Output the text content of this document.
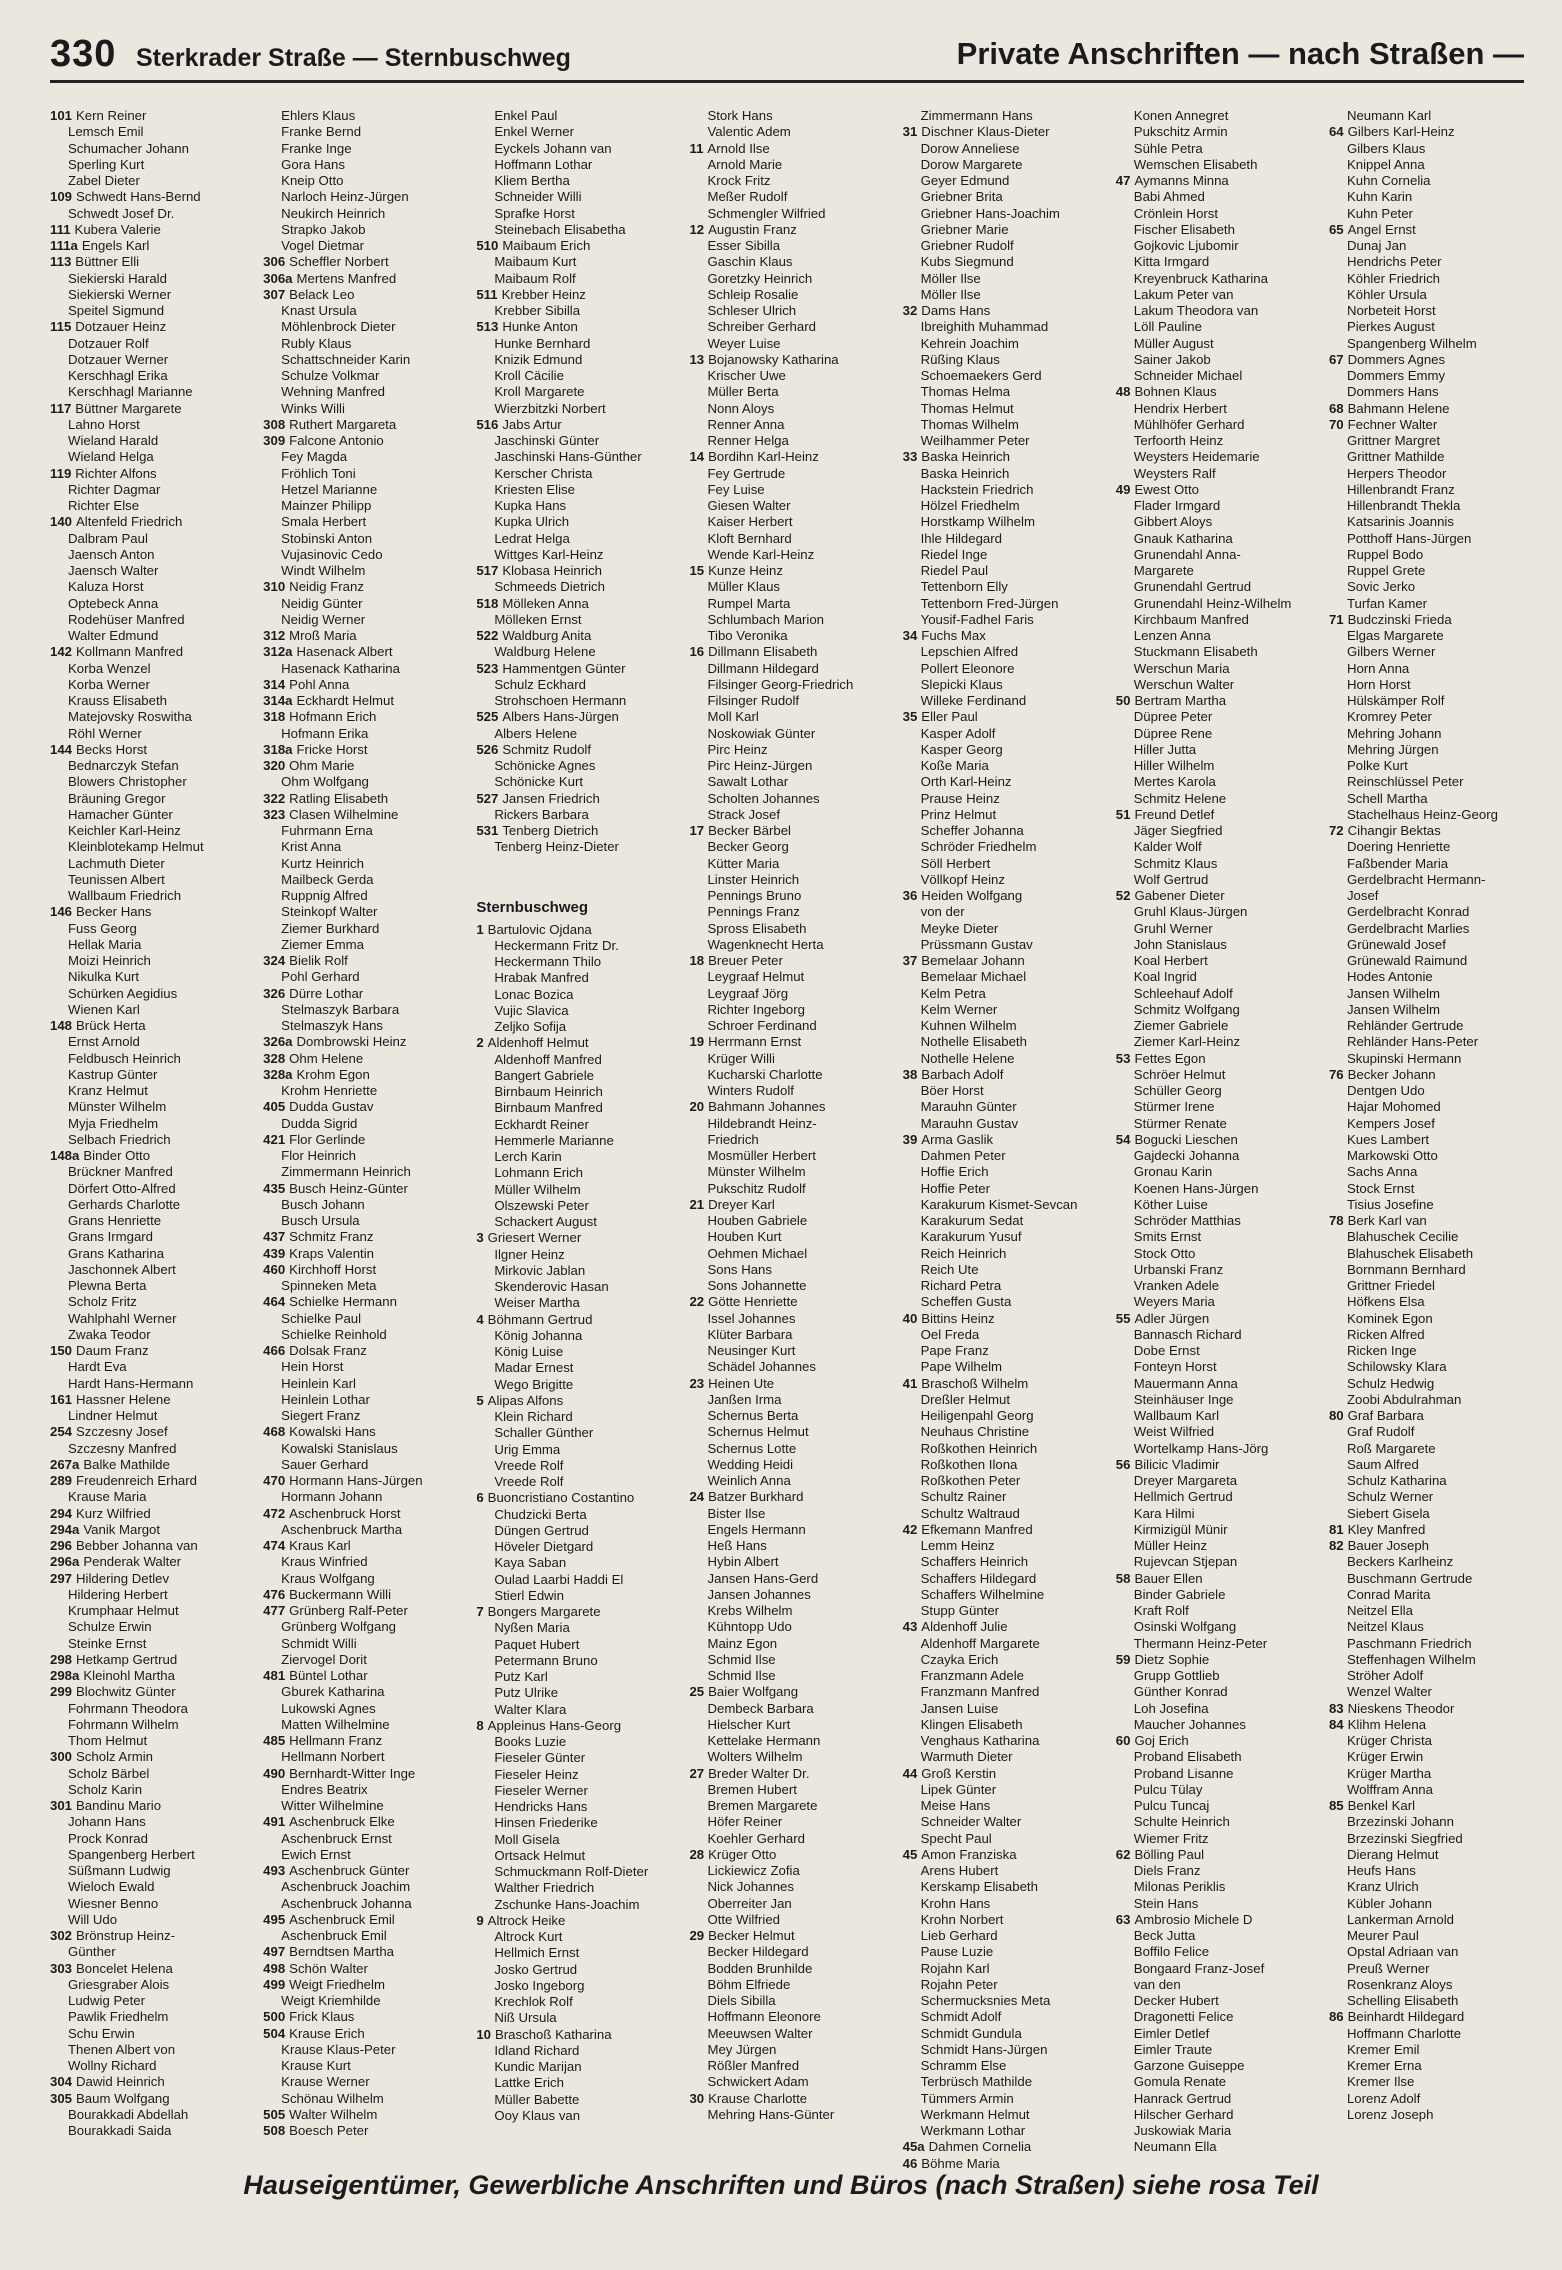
330 Sterkrader Straße — Sternbuschweg	Private Anschriften — nach Straßen —
101 Kern Reiner
Lemsch Emil
Schumacher Johann
Sperling Kurt
Zabel Dieter
109 Schwedt Hans-Bernd
Schwedt Josef Dr.
111 Kubera Valerie
111a Engels Karl
113 Büttner Elli
Siekierski Harald
Siekierski Werner
Speitel Sigmund
115 Dotzauer Heinz
Dotzauer Rolf
Dotzauer Werner
Kerschhagl Erika
Kerschhagl Marianne
117 Büttner Margarete
Lahno Horst
Wieland Harald
Wieland Helga
119 Richter Alfons
Richter Dagmar
Richter Else
140 Altenfeld Friedrich
Dalbram Paul
Jaensch Anton
Jaensch Walter
Kaluza Horst
Optebeck Anna
Rodehüser Manfred
Walter Edmund
142 Kollmann Manfred
Korba Wenzel
Korba Werner
Krauss Elisabeth
Matejovsky Roswitha
Röhl Werner
144 Becks Horst
Bednarczyk Stefan
Blowers Christopher
Bräuning Gregor
Hamacher Günter
Keichler Karl-Heinz
Kleinblotekamp Helmut
Lachmuth Dieter
Teunissen Albert
Wallbaum Friedrich
146 Becker Hans
Fuss Georg
Hellak Maria
Moizi Heinrich
Nikulka Kurt
Schürken Aegidius
Wienen Karl
148 Brück Herta
Ernst Arnold
Feldbusch Heinrich
Kastrup Günter
Kranz Helmut
Münster Wilhelm
Myja Friedhelm
Selbach Friedrich
148a Binder Otto
Brückner Manfred
Dörfert Otto-Alfred
Gerhards Charlotte
Grans Henriette
Grans Irmgard
Grans Katharina
Jaschonnek Albert
Plewna Berta
Scholz Fritz
Wahlphahl Werner
Zwaka Teodor
150 Daum Franz
Hardt Eva
Hardt Hans-Hermann
161 Hassner Helene
Lindner Helmut
254 Szczesny Josef
Szczesny Manfred
267a Balke Mathilde
289 Freudenreich Erhard
Krause Maria
294 Kurz Wilfried
294a Vanik Margot
296 Bebber Johanna van
296a Penderak Walter
297 Hildering Detlev
Hildering Herbert
Krumphaar Helmut
Schulze Erwin
Steinke Ernst
298 Hetkamp Gertrud
298a Kleinohl Martha
299 Blochwitz Günter
Fohrmann Theodora
Fohrmann Wilhelm
Thom Helmut
300 Scholz Armin
Scholz Bärbel
Scholz Karin
301 Bandinu Mario
Johann Hans
Prock Konrad
Spangenberg Herbert
Süßmann Ludwig
Wieloch Ewald
Wiesner Benno
Will Udo
302 Brönstrup Heinz-
Günther
303 Boncelet Helena
Griesgraber Alois
Ludwig Peter
Pawlik Friedhelm
Schu Erwin
Thenen Albert von
Wollny Richard
304 Dawid Heinrich
305 Baum Wolfgang
Bourakkadi Abdellah
Bourakkadi Saida
Ehlers Klaus
Franke Bernd
Franke Inge
Gora Hans
Kneip Otto
Narloch Heinz-Jürgen
Neukirch Heinrich
Strapko Jakob
Vogel Dietmar
306 Scheffler Norbert
306a Mertens Manfred
307 Belack Leo
Knast Ursula
Möhlenbrock Dieter
Rubly Klaus
Schattschneider Karin
Schulze Volkmar
Wehning Manfred
Winks Willi
308 Ruthert Margareta
309 Falcone Antonio
Fey Magda
Fröhlich Toni
Hetzel Marianne
Mainzer Philipp
Smala Herbert
Stobinski Anton
Vujasinovic Cedo
Windt Wilhelm
310 Neidig Franz
Neidig Günter
Neidig Werner
312 Mroß Maria
312a Hasenack Albert
Hasenack Katharina
314 Pohl Anna
314a Eckhardt Helmut
318 Hofmann Erich
Hofmann Erika
318a Fricke Horst
320 Ohm Marie
Ohm Wolfgang
322 Ratling Elisabeth
323 Clasen Wilhelmine
Fuhrmann Erna
Krist Anna
Kurtz Heinrich
Mailbeck Gerda
Ruppnig Alfred
Steinkopf Walter
Ziemer Burkhard
Ziemer Emma
324 Bielik Rolf
Pohl Gerhard
326 Dürre Lothar
Stelmaszyk Barbara
Stelmaszyk Hans
326a Dombrowski Heinz
328 Ohm Helene
328a Krohm Egon
Krohm Henriette
405 Dudda Gustav
Dudda Sigrid
421 Flor Gerlinde
Flor Heinrich
Zimmermann Heinrich
435 Busch Heinz-Günter
Busch Johann
Busch Ursula
437 Schmitz Franz
439 Kraps Valentin
460 Kirchhoff Horst
Spinneken Meta
464 Schielke Hermann
Schielke Paul
Schielke Reinhold
466 Dolsak Franz
Hein Horst
Heinlein Karl
Heinlein Lothar
Siegert Franz
468 Kowalski Hans
Kowalski Stanislaus
Sauer Gerhard
470 Hormann Hans-Jürgen
Hormann Johann
472 Aschenbruck Horst
Aschenbruck Martha
474 Kraus Karl
Kraus Winfried
Kraus Wolfgang
476 Buckermann Willi
477 Grünberg Ralf-Peter
Grünberg Wolfgang
Schmidt Willi
Ziervogel Dorit
481 Büntel Lothar
Gburek Katharina
Lukowski Agnes
Matten Wilhelmine
485 Hellmann Franz
Hellmann Norbert
490 Bernhardt-Witter Inge
Endres Beatrix
Witter Wilhelmine
491 Aschenbruck Elke
Aschenbruck Ernst
Ewich Ernst
493 Aschenbruck Günter
Aschenbruck Joachim
Aschenbruck Johanna
495 Aschenbruck Emil
Aschenbruck Emil
497 Berndtsen Martha
498 Schön Walter
499 Weigt Friedhelm
Weigt Kriemhilde
500 Frick Klaus
504 Krause Erich
Krause Klaus-Peter
Krause Kurt
Krause Werner
Schönau Wilhelm
505 Walter Wilhelm
508 Boesch Peter
Enkel Paul
Enkel Werner
Eyckels Johann van
Hoffmann Lothar
Kliem Bertha
Schneider Willi
Sprafke Horst
Steinebach Elisabetha
510 Maibaum Erich
Maibaum Kurt
Maibaum Rolf
511 Krebber Heinz
Krebber Sibilla
513 Hunke Anton
Hunke Bernhard
Knizik Edmund
Kroll Cäcilie
Kroll Margarete
Wierzbitzki Norbert
516 Jabs Artur
Jaschinski Günter
Jaschinski Hans-Günther
Kerscher Christa
Kriesten Elise
Kupka Hans
Kupka Ulrich
Ledrat Helga
Wittges Karl-Heinz
517 Klobasa Heinrich
Schmeeds Dietrich
518 Mölleken Anna
Mölleken Ernst
522 Waldburg Anita
Waldburg Helene
523 Hammentgen Günter
Schulz Eckhard
Strohschoen Hermann
525 Albers Hans-Jürgen
Albers Helene
526 Schmitz Rudolf
Schönicke Agnes
Schönicke Kurt
527 Jansen Friedrich
Rickers Barbara
531 Tenberg Dietrich
Tenberg Heinz-Dieter
Sternbuschweg
1 Bartulovic Ojdana
Heckermann Fritz Dr.
Heckermann Thilo
Hrabak Manfred
Lonac Bozica
Vujic Slavica
Zeljko Sofija
2 Aldenhoff Helmut
Aldenhoff Manfred
Bangert Gabriele
Birnbaum Heinrich
Birnbaum Manfred
Eckhardt Reiner
Hemmerle Marianne
Lerch Karin
Lohmann Erich
Müller Wilhelm
Olszewski Peter
Schackert August
3 Griesert Werner
Ilgner Heinz
Mirkovic Jablan
Skenderovic Hasan
Weiser Martha
4 Böhmann Gertrud
König Johanna
König Luise
Madar Ernest
Wego Brigitte
5 Alipas Alfons
Klein Richard
Schaller Günther
Urig Emma
Vreede Rolf
Vreede Rolf
6 Buoncristiano Costantino
Chudzicki Berta
Düngen Gertrud
Höveler Dietgard
Kaya Saban
Oulad Laarbi Haddi El
Stierl Edwin
7 Bongers Margarete
Nyßen Maria
Paquet Hubert
Petermann Bruno
Putz Karl
Putz Ulrike
Walter Klara
8 Appleinus Hans-Georg
Books Luzie
Fieseler Günter
Fieseler Heinz
Fieseler Werner
Hendricks Hans
Hinsen Friederike
Moll Gisela
Ortsack Helmut
Schmuckmann Rolf-Dieter
Walther Friedrich
Zschunke Hans-Joachim
9 Altrock Heike
Altrock Kurt
Hellmich Ernst
Josko Gertrud
Josko Ingeborg
Krechlok Rolf
Niß Ursula
10 Braschoß Katharina
Idland Richard
Kundic Marijan
Lattke Erich
Müller Babette
Ooy Klaus van
Stork Hans
Valentic Adem
11 Arnold Ilse
Arnold Marie
Krock Fritz
Meßer Rudolf
Schmengler Wilfried
12 Augustin Franz
Esser Sibilla
Gaschin Klaus
Goretzky Heinrich
Schleip Rosalie
Schleser Ulrich
Schreiber Gerhard
Weyer Luise
13 Bojanowsky Katharina
Krischer Uwe
Müller Berta
Nonn Aloys
Renner Anna
Renner Helga
14 Bordihn Karl-Heinz
Fey Gertrude
Fey Luise
Giesen Walter
Kaiser Herbert
Kloft Bernhard
Wende Karl-Heinz
15 Kunze Heinz
Müller Klaus
Rumpel Marta
Schlumbach Marion
Tibo Veronika
16 Dillmann Elisabeth
Dillmann Hildegard
Filsinger Georg-Friedrich
Filsinger Rudolf
Moll Karl
Noskowiak Günter
Pirc Heinz
Pirc Heinz-Jürgen
Sawalt Lothar
Scholten Johannes
Strack Josef
17 Becker Bärbel
Becker Georg
Kütter Maria
Linster Heinrich
Pennings Bruno
Pennings Franz
Spross Elisabeth
Wagenknecht Herta
18 Breuer Peter
Leygraaf Helmut
Leygraaf Jörg
Richter Ingeborg
Schroer Ferdinand
19 Herrmann Ernst
Krüger Willi
Kucharski Charlotte
Winters Rudolf
20 Bahmann Johannes
Hildebrandt Heinz-
Friedrich
Mosmüller Herbert
Münster Wilhelm
Pukschitz Rudolf
21 Dreyer Karl
Houben Gabriele
Houben Kurt
Oehmen Michael
Sons Hans
Sons Johannette
22 Götte Henriette
Issel Johannes
Klüter Barbara
Neusinger Kurt
Schädel Johannes
23 Heinen Ute
Janßen Irma
Schernus Berta
Schernus Helmut
Schernus Lotte
Wedding Heidi
Weinlich Anna
24 Batzer Burkhard
Bister Ilse
Engels Hermann
Heß Hans
Hybin Albert
Jansen Hans-Gerd
Jansen Johannes
Krebs Wilhelm
Kühntopp Udo
Mainz Egon
Schmid Ilse
Schmid Ilse
25 Baier Wolfgang
Dembeck Barbara
Hielscher Kurt
Kettelake Hermann
Wolters Wilhelm
27 Breder Walter Dr.
Bremen Hubert
Bremen Margarete
Höfer Reiner
Koehler Gerhard
28 Krüger Otto
Lickiewicz Zofia
Nick Johannes
Oberreiter Jan
Otte Wilfried
29 Becker Helmut
Becker Hildegard
Bodden Brunhilde
Böhm Elfriede
Diels Sibilla
Hoffmann Eleonore
Meeuwsen Walter
Mey Jürgen
Rößler Manfred
Schwickert Adam
30 Krause Charlotte
Mehring Hans-Günter
Zimmermann Hans
31 Dischner Klaus-Dieter
Dorow Anneliese
Dorow Margarete
Geyer Edmund
Griebner Brita
Griebner Hans-Joachim
Griebner Marie
Griebner Rudolf
Kubs Siegmund
Möller Ilse
Möller Ilse
32 Dams Hans
Ibreighith Muhammad
Kehrein Joachim
Rüßing Klaus
Schoemaekers Gerd
Thomas Helma
Thomas Helmut
Thomas Wilhelm
Weilhammer Peter
33 Baska Heinrich
Baska Heinrich
Hackstein Friedrich
Hölzel Friedhelm
Horstkamp Wilhelm
Ihle Hildegard
Riedel Inge
Riedel Paul
Tettenborn Elly
Tettenborn Fred-Jürgen
Yousif-Fadhel Faris
34 Fuchs Max
Lepschien Alfred
Pollert Eleonore
Slepicki Klaus
Willeke Ferdinand
35 Eller Paul
Kasper Adolf
Kasper Georg
Koße Maria
Orth Karl-Heinz
Prause Heinz
Prinz Helmut
Scheffer Johanna
Schröder Friedhelm
Söll Herbert
Völlkopf Heinz
36 Heiden Wolfgang
von der
Meyke Dieter
Prüssmann Gustav
37 Bemelaar Johann
Bemelaar Michael
Kelm Petra
Kelm Werner
Kuhnen Wilhelm
Nothelle Elisabeth
Nothelle Helene
38 Barbach Adolf
Böer Horst
Marauhn Günter
Marauhn Gustav
39 Arma Gaslik
Dahmen Peter
Hoffie Erich
Hoffie Peter
Karakurum Kismet-Sevcan
Karakurum Sedat
Karakurum Yusuf
Reich Heinrich
Reich Ute
Richard Petra
Scheffen Gusta
40 Bittins Heinz
Oel Freda
Pape Franz
Pape Wilhelm
41 Braschoß Wilhelm
Dreßler Helmut
Heiligenpahl Georg
Neuhaus Christine
Roßkothen Heinrich
Roßkothen Ilona
Roßkothen Peter
Schultz Rainer
Schultz Waltraud
42 Efkemann Manfred
Lemm Heinz
Schaffers Heinrich
Schaffers Hildegard
Schaffers Wilhelmine
Stupp Günter
43 Aldenhoff Julie
Aldenhoff Margarete
Czayka Erich
Franzmann Adele
Franzmann Manfred
Jansen Luise
Klingen Elisabeth
Venghaus Katharina
Warmuth Dieter
44 Groß Kerstin
Lipek Günter
Meise Hans
Schneider Walter
Specht Paul
45 Amon Franziska
Arens Hubert
Kerskamp Elisabeth
Krohn Hans
Krohn Norbert
Lieb Gerhard
Pause Luzie
Rojahn Karl
Rojahn Peter
Schermucksnies Meta
Schmidt Adolf
Schmidt Gundula
Schmidt Hans-Jürgen
Schramm Else
Terbrüsch Mathilde
Tümmers Armin
Werkmann Helmut
Werkmann Lothar
45a Dahmen Cornelia
46 Böhme Maria
Konen Annegret
Pukschitz Armin
Sühle Petra
Wemschen Elisabeth
47 Aymanns Minna
Babi Ahmed
Crönlein Horst
Fischer Elisabeth
Gojkovic Ljubomir
Kitta Irmgard
Kreyenbruck Katharina
Lakum Peter van
Lakum Theodora van
Löll Pauline
Müller August
Sainer Jakob
Schneider Michael
48 Bohnen Klaus
Hendrix Herbert
Mühlhöfer Gerhard
Terfoorth Heinz
Weysters Heidemarie
Weysters Ralf
49 Ewest Otto
Flader Irmgard
Gibbert Aloys
Gnauk Katharina
Grunendahl Anna-
Margarete
Grunendahl Gertrud
Grunendahl Heinz-Wilhelm
Kirchbaum Manfred
Lenzen Anna
Stuckmann Elisabeth
Werschun Maria
Werschun Walter
50 Bertram Martha
Düpree Peter
Düpree Rene
Hiller Jutta
Hiller Wilhelm
Mertes Karola
Schmitz Helene
51 Freund Detlef
Jäger Siegfried
Kalder Wolf
Schmitz Klaus
Wolf Gertrud
52 Gabener Dieter
Gruhl Klaus-Jürgen
Gruhl Werner
John Stanislaus
Koal Herbert
Koal Ingrid
Schleehauf Adolf
Schmitz Wolfgang
Ziemer Gabriele
Ziemer Karl-Heinz
53 Fettes Egon
Schröer Helmut
Schüller Georg
Stürmer Irene
Stürmer Renate
54 Bogucki Lieschen
Gajdecki Johanna
Gronau Karin
Koenen Hans-Jürgen
Köther Luise
Schröder Matthias
Smits Ernst
Stock Otto
Urbanski Franz
Vranken Adele
Weyers Maria
55 Adler Jürgen
Bannasch Richard
Dobe Ernst
Fonteyn Horst
Mauermann Anna
Steinhäuser Inge
Wallbaum Karl
Weist Wilfried
Wortelkamp Hans-Jörg
56 Bilicic Vladimir
Dreyer Margareta
Hellmich Gertrud
Kara Hilmi
Kirmizigül Münir
Müller Heinz
Rujevcan Stjepan
58 Bauer Ellen
Binder Gabriele
Kraft Rolf
Osinski Wolfgang
Thermann Heinz-Peter
59 Dietz Sophie
Grupp Gottlieb
Günther Konrad
Loh Josefina
Maucher Johannes
60 Goj Erich
Proband Elisabeth
Proband Lisanne
Pulcu Tülay
Pulcu Tuncaj
Schulte Heinrich
Wiemer Fritz
62 Bölling Paul
Diels Franz
Milonas Periklis
Stein Hans
63 Ambrosio Michele D
Beck Jutta
Boffilo Felice
Bongaard Franz-Josef
van den
Decker Hubert
Dragonetti Felice
Eimler Detlef
Eimler Traute
Garzone Guiseppe
Gomula Renate
Hanrack Gertrud
Hilscher Gerhard
Juskowiak Maria
Neumann Ella
Neumann Karl
64 Gilbers Karl-Heinz
Gilbers Klaus
Knippel Anna
Kuhn Cornelia
Kuhn Karin
Kuhn Peter
65 Angel Ernst
Dunaj Jan
Hendrichs Peter
Köhler Friedrich
Köhler Ursula
Norbeteit Horst
Pierkes August
Spangenberg Wilhelm
67 Dommers Agnes
Dommers Emmy
Dommers Hans
68 Bahmann Helene
70 Fechner Walter
Grittner Margret
Grittner Mathilde
Herpers Theodor
Hillenbrandt Franz
Hillenbrandt Thekla
Katsarinis Joannis
Potthoff Hans-Jürgen
Ruppel Bodo
Ruppel Grete
Sovic Jerko
Turfan Kamer
71 Budczinski Frieda
Elgas Margarete
Gilbers Werner
Horn Anna
Horn Horst
Hülskämper Rolf
Kromrey Peter
Mehring Johann
Mehring Jürgen
Polke Kurt
Reinschlüssel Peter
Schell Martha
Stachelhaus Heinz-Georg
72 Cihangir Bektas
Doering Henriette
Faßbender Maria
Gerdelbracht Hermann-
Josef
Gerdelbracht Konrad
Gerdelbracht Marlies
Grünewald Josef
Grünewald Raimund
Hodes Antonie
Jansen Wilhelm
Jansen Wilhelm
Rehländer Gertrude
Rehländer Hans-Peter
Skupinski Hermann
76 Becker Johann
Dentgen Udo
Hajar Mohomed
Kempers Josef
Kues Lambert
Markowski Otto
Sachs Anna
Stock Ernst
Tisius Josefine
78 Berk Karl van
Blahuschek Cecilie
Blahuschek Elisabeth
Bornmann Bernhard
Grittner Friedel
Höfkens Elsa
Kominek Egon
Ricken Alfred
Ricken Inge
Schilowsky Klara
Schulz Hedwig
Zoobi Abdulrahman
80 Graf Barbara
Graf Rudolf
Roß Margarete
Saum Alfred
Schulz Katharina
Schulz Werner
Siebert Gisela
81 Kley Manfred
82 Bauer Joseph
Beckers Karlheinz
Buschmann Gertrude
Conrad Marita
Neitzel Ella
Neitzel Klaus
Paschmann Friedrich
Steffenhagen Wilhelm
Ströher Adolf
Wenzel Walter
83 Nieskens Theodor
84 Klihm Helena
Krüger Christa
Krüger Erwin
Krüger Martha
Wolffram Anna
85 Benkel Karl
Brzezinski Johann
Brzezinski Siegfried
Dierang Helmut
Heufs Hans
Kranz Ulrich
Kübler Johann
Lankerman Arnold
Meurer Paul
Opstal Adriaan van
Preuß Werner
Rosenkranz Aloys
Schelling Elisabeth
86 Beinhardt Hildegard
Hoffmann Charlotte
Kremer Emil
Kremer Erna
Kremer Ilse
Lorenz Adolf
Lorenz Joseph
Hauseigentümer, Gewerbliche Anschriften und Büros (nach Straßen) siehe rosa Teil
